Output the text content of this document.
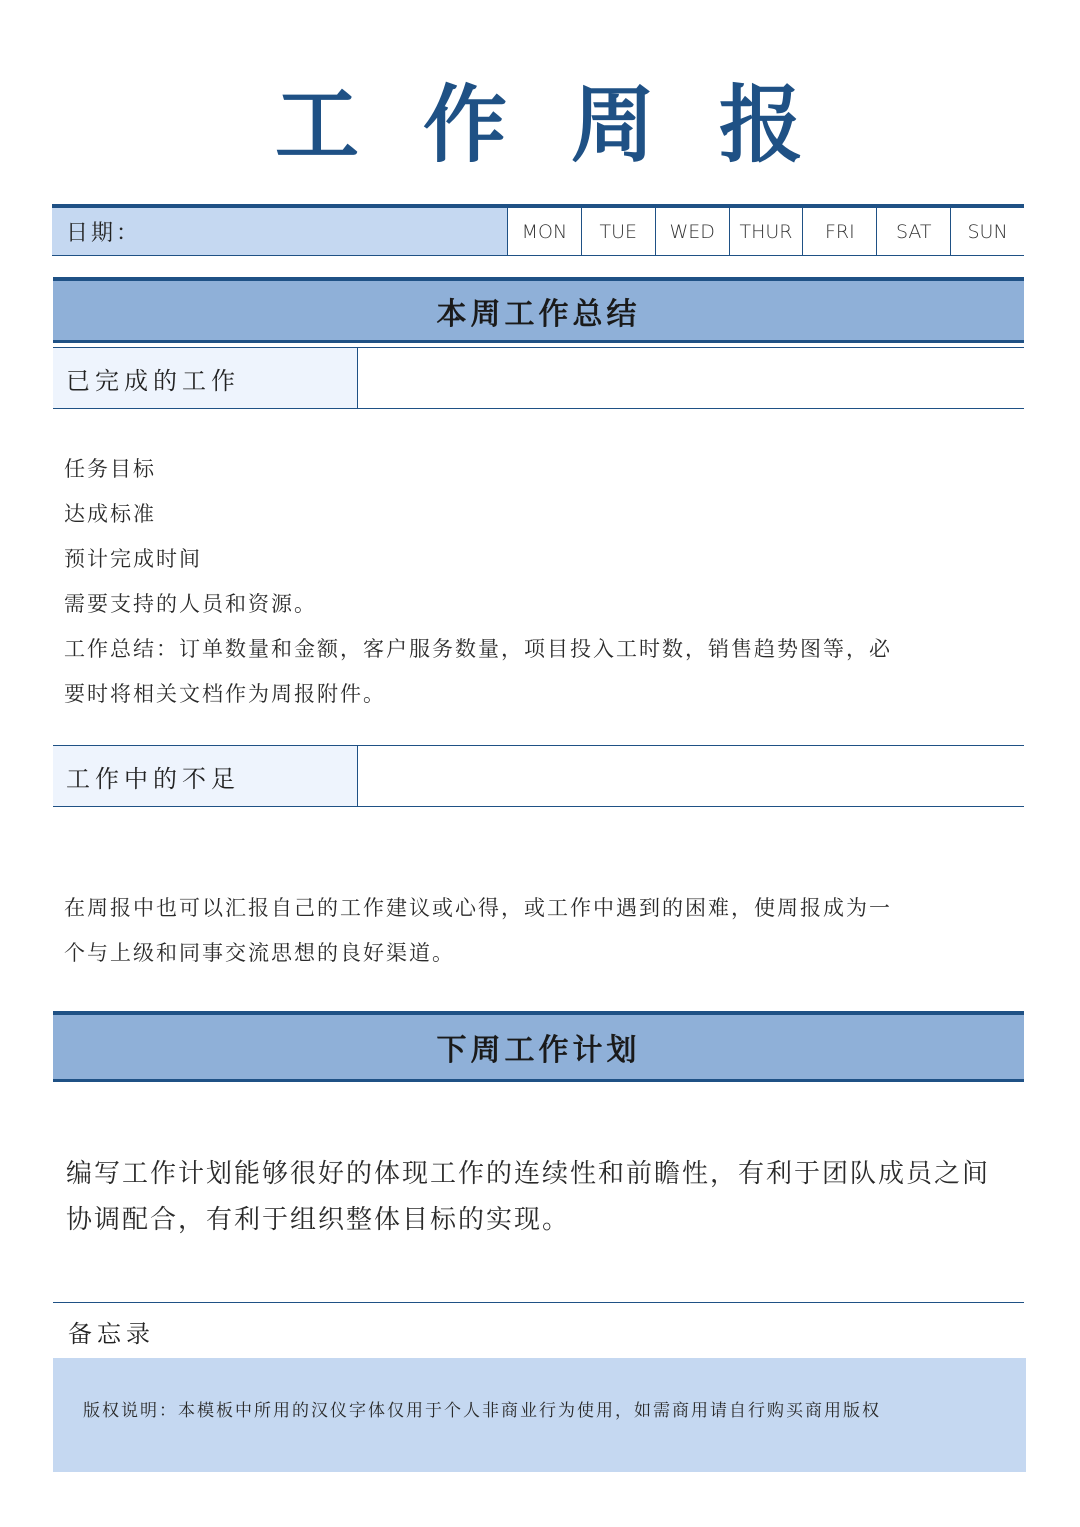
工 作 周 报
日期：	MON	TUE	WED	THUR	FRI	SAT	SUN
本周工作总结
已完成的工作

任务目标

达成标准

预计完成时间

需要支持的人员和资源。

工作总结：订单数量和金额，客户服务数量，项目投入工时数，销售趋势图等，必

要时将相关文档作为周报附件。

工作中的不足

在周报中也可以汇报自己的工作建议或心得，或工作中遇到的困难，使周报成为一

个与上级和同事交流思想的良好渠道。

下周工作计划
编写工作计划能够很好的体现工作的连续性和前瞻性，有利于团队成员之间
协调配合，有利于组织整体目标的实现。
备忘录
版权说明：本模板中所用的汉仪字体仅用于个人非商业行为使用，如需商用请自行购买商用版权
